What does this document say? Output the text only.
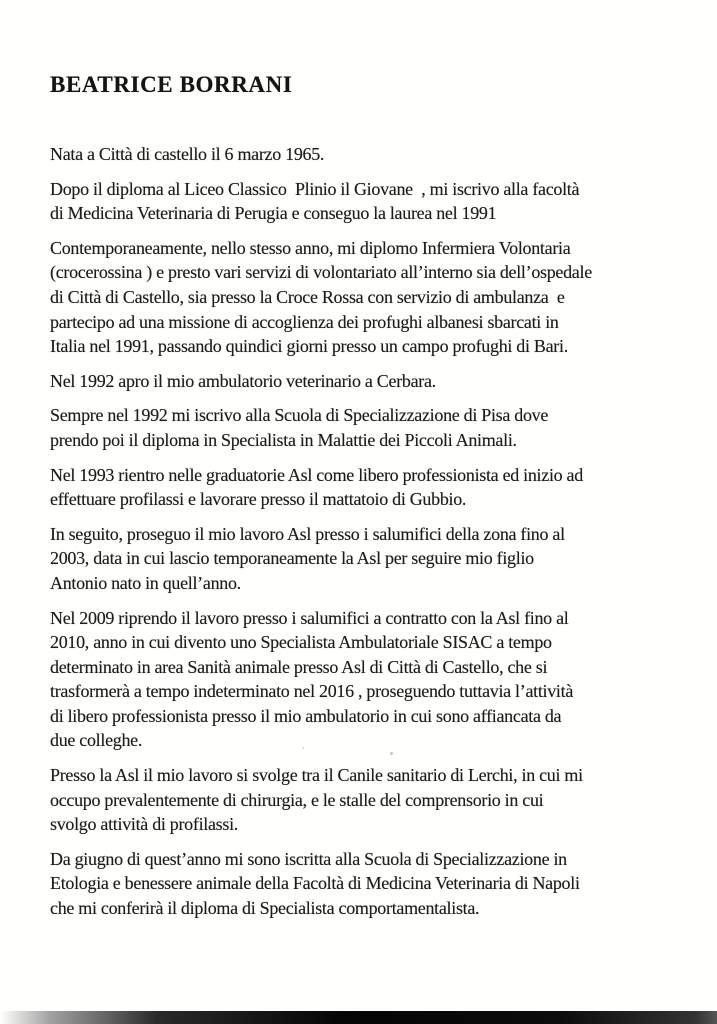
BEATRICE BORRANI
Nata a Città di castello il 6 marzo 1965.
Dopo il diploma al Liceo Classico  Plinio il Giovane  , mi iscrivo alla facoltà
di Medicina Veterinaria di Perugia e conseguo la laurea nel 1991
Contemporaneamente, nello stesso anno, mi diplomo Infermiera Volontaria
(crocerossina ) e presto vari servizi di volontariato all’interno sia dell’ospedale
di Città di Castello, sia presso la Croce Rossa con servizio di ambulanza  e
partecipo ad una missione di accoglienza dei profughi albanesi sbarcati in
Italia nel 1991, passando quindici giorni presso un campo profughi di Bari.
Nel 1992 apro il mio ambulatorio veterinario a Cerbara.
Sempre nel 1992 mi iscrivo alla Scuola di Specializzazione di Pisa dove
prendo poi il diploma in Specialista in Malattie dei Piccoli Animali.
Nel 1993 rientro nelle graduatorie Asl come libero professionista ed inizio ad
effettuare profilassi e lavorare presso il mattatoio di Gubbio.
In seguito, proseguo il mio lavoro Asl presso i salumifici della zona fino al
2003, data in cui lascio temporaneamente la Asl per seguire mio figlio
Antonio nato in quell’anno.
Nel 2009 riprendo il lavoro presso i salumifici a contratto con la Asl fino al
2010, anno in cui divento uno Specialista Ambulatoriale SISAC a tempo
determinato in area Sanità animale presso Asl di Città di Castello, che si
trasformerà a tempo indeterminato nel 2016 , proseguendo tuttavia l’attività
di libero professionista presso il mio ambulatorio in cui sono affiancata da
due colleghe.
Presso la Asl il mio lavoro si svolge tra il Canile sanitario di Lerchi, in cui mi
occupo prevalentemente di chirurgia, e le stalle del comprensorio in cui
svolgo attività di profilassi.
Da giugno di quest’anno mi sono iscritta alla Scuola di Specializzazione in
Etologia e benessere animale della Facoltà di Medicina Veterinaria di Napoli
che mi conferirà il diploma di Specialista comportamentalista.
